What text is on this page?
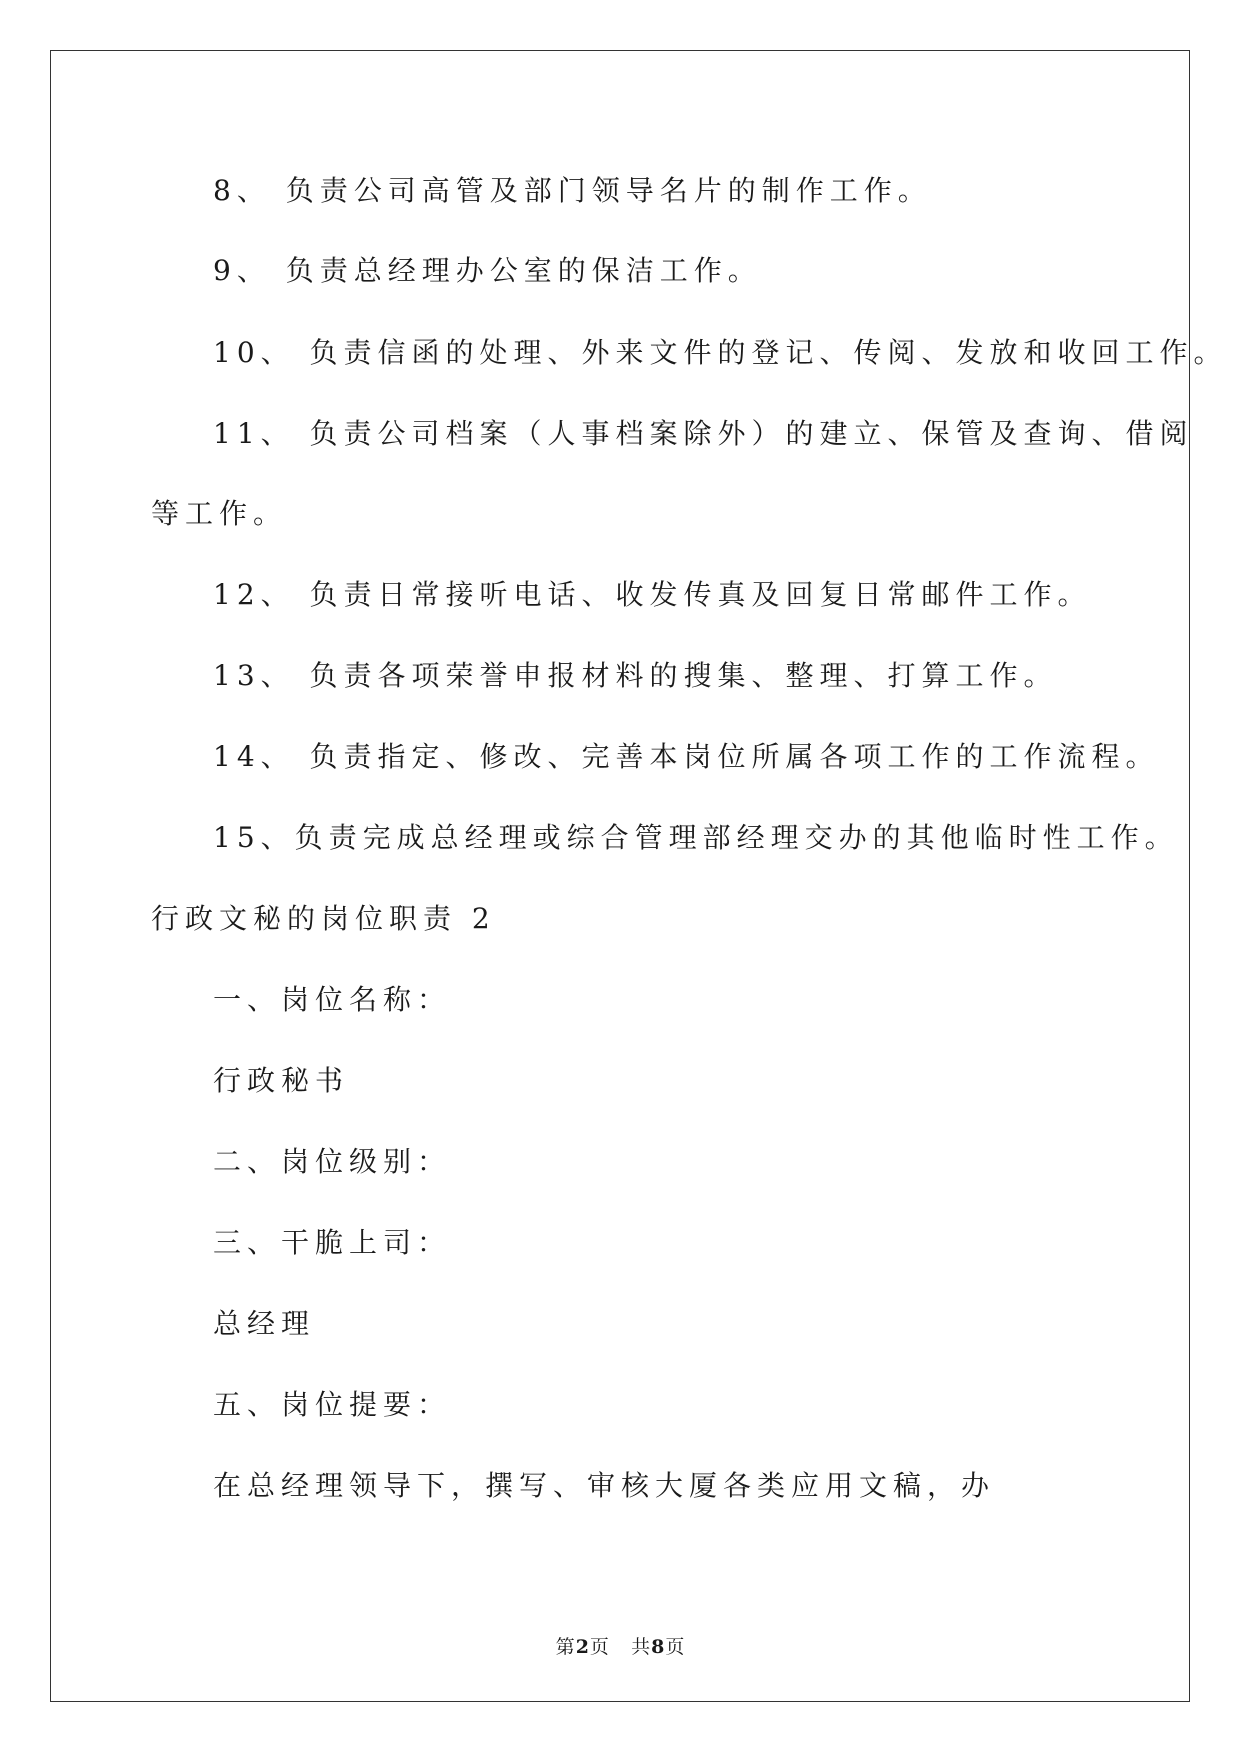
8、 负责公司高管及部门领导名片的制作工作。
9、 负责总经理办公室的保洁工作。
10、 负责信函的处理、外来文件的登记、传阅、发放和收回工作。
11、 负责公司档案（人事档案除外）的建立、保管及查询、借阅
等工作。
12、 负责日常接听电话、收发传真及回复日常邮件工作。
13、 负责各项荣誉申报材料的搜集、整理、打算工作。
14、 负责指定、修改、完善本岗位所属各项工作的工作流程。
15、负责完成总经理或综合管理部经理交办的其他临时性工作。
行政文秘的岗位职责 2
一、岗位名称：
行政秘书
二、岗位级别：
三、干脆上司：
总经理
五、岗位提要：
在总经理领导下，撰写、审核大厦各类应用文稿，办
第2页 共8页
